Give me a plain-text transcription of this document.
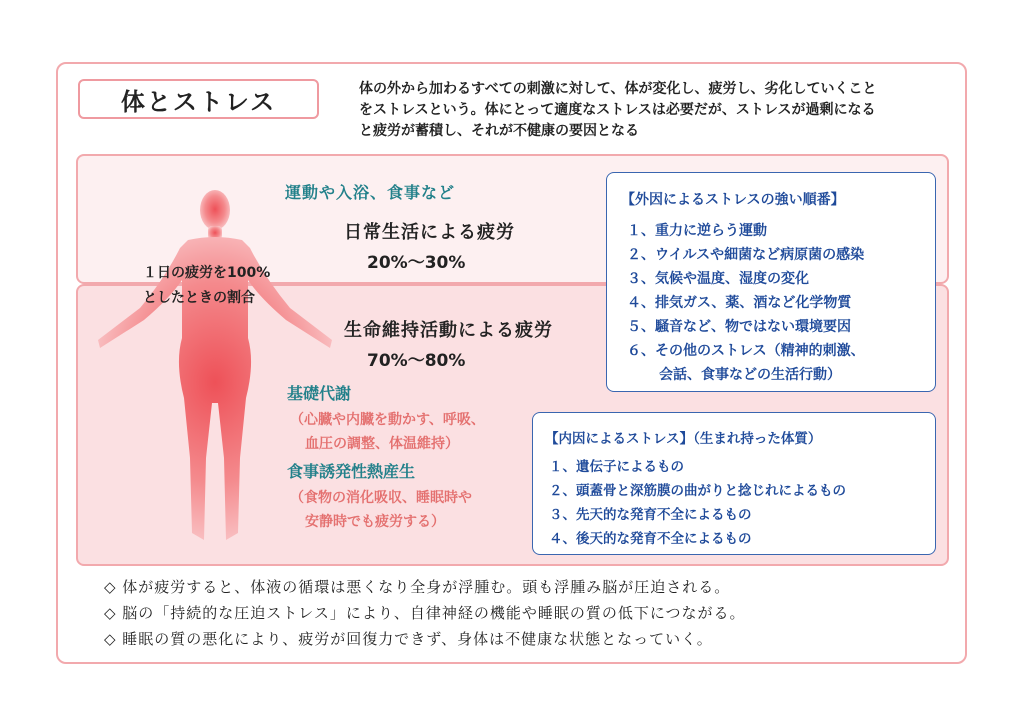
体とストレス	体の外から加わるすべての刺激に対して、体が変化し、疲労し、劣化していくこと
をストレスという。体にとって適度なストレスは必要だが、ストレスが過剰になる
と疲労が蓄積し、それが不健康の要因となる
運動や入浴、食事など
日常生活による疲労
20%〜30%
１日の疲労を100%
としたときの割合
生命維持活動による疲労
70%〜80%
基礎代謝
（心臓や内臓を動かす、呼吸、
血圧の調整、体温維持）
食事誘発性熱産生
（食物の消化吸収、睡眠時や
安静時でも疲労する）
【外因によるストレスの強い順番】
１、重力に逆らう運動
２、ウイルスや細菌など病原菌の感染
３、気候や温度、湿度の変化
４、排気ガス、薬、酒など化学物質
５、騒音など、物ではない環境要因
６、その他のストレス（精神的刺激、
会話、食事などの生活行動）
【内因によるストレス】（生まれ持った体質）
１、遺伝子によるもの
２、頭蓋骨と深筋膜の曲がりと捻じれによるもの
３、先天的な発育不全によるもの
４、後天的な発育不全によるもの
◇ 体が疲労すると、体液の循環は悪くなり全身が浮腫む。頭も浮腫み脳が圧迫される。
◇ 脳の「持続的な圧迫ストレス」により、自律神経の機能や睡眠の質の低下につながる。
◇ 睡眠の質の悪化により、疲労が回復力できず、身体は不健康な状態となっていく。
